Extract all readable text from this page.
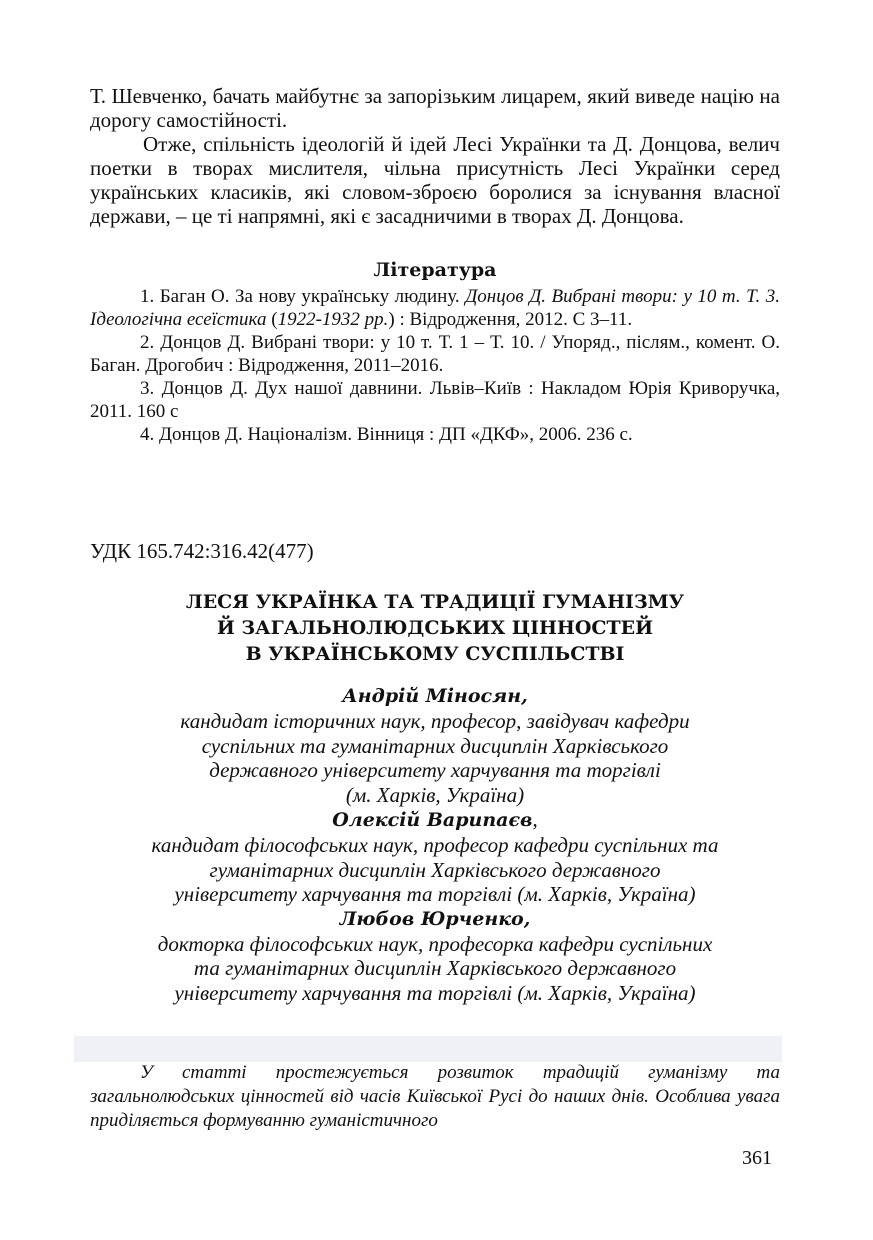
Т. Шевченко, бачать майбутнє за запорізьким лицарем, який виведе націю на дорогу самостійності.

Отже, спільність ідеологій й ідей Лесі Українки та Д. Донцова, велич поетки в творах мислителя, чільна присутність Лесі Українки серед українських класиків, які словом-зброєю боролися за існування власної держави, – це ті напрямні, які є засадничими в творах Д. Донцова.

Література

1. Баган О. За нову українську людину. Донцов Д. Вибрані твори: у 10 т. Т. 3. Ідеологічна есеїстика (1922-1932 рр.) : Відродження, 2012. С 3–11.

2. Донцов Д. Вибрані твори: у 10 т. Т. 1 – Т. 10. / Упоряд., післям., комент. О. Баган. Дрогобич : Відродження, 2011–2016.

3. Донцов Д. Дух нашої давнини. Львів–Київ : Накладом Юрія Криворучка, 2011. 160 с

4. Донцов Д. Націоналізм. Вінниця : ДП «ДКФ», 2006. 236 с.

УДК 165.742:316.42(477)
ЛЕСЯ УКРАЇНКА ТА ТРАДИЦІЇ ГУМАНІЗМУ
Й ЗАГАЛЬНОЛЮДСЬКИХ ЦІННОСТЕЙ
В УКРАЇНСЬКОМУ СУСПІЛЬСТВІ

Андрій Міносян,

кандидат історичних наук, професор, завідувач кафедри

суспільних та гуманітарних дисциплін Харківського

державного університету харчування та торгівлі

(м. Харків, Україна)

Олексій Варипаєв,

кандидат філософських наук, професор кафедри суспільних та

гуманітарних дисциплін Харківського державного

університету харчування та торгівлі (м. Харків, Україна)

Любов Юрченко,

докторка філософських наук, професорка кафедри суспільних

та гуманітарних дисциплін Харківського державного

університету харчування та торгівлі (м. Харків, Україна)

У статті простежується розвиток традицій гуманізму та загальнолюдських цінностей від часів Київської Русі до наших днів. Особлива увага приділяється формуванню гуманістичного

361
